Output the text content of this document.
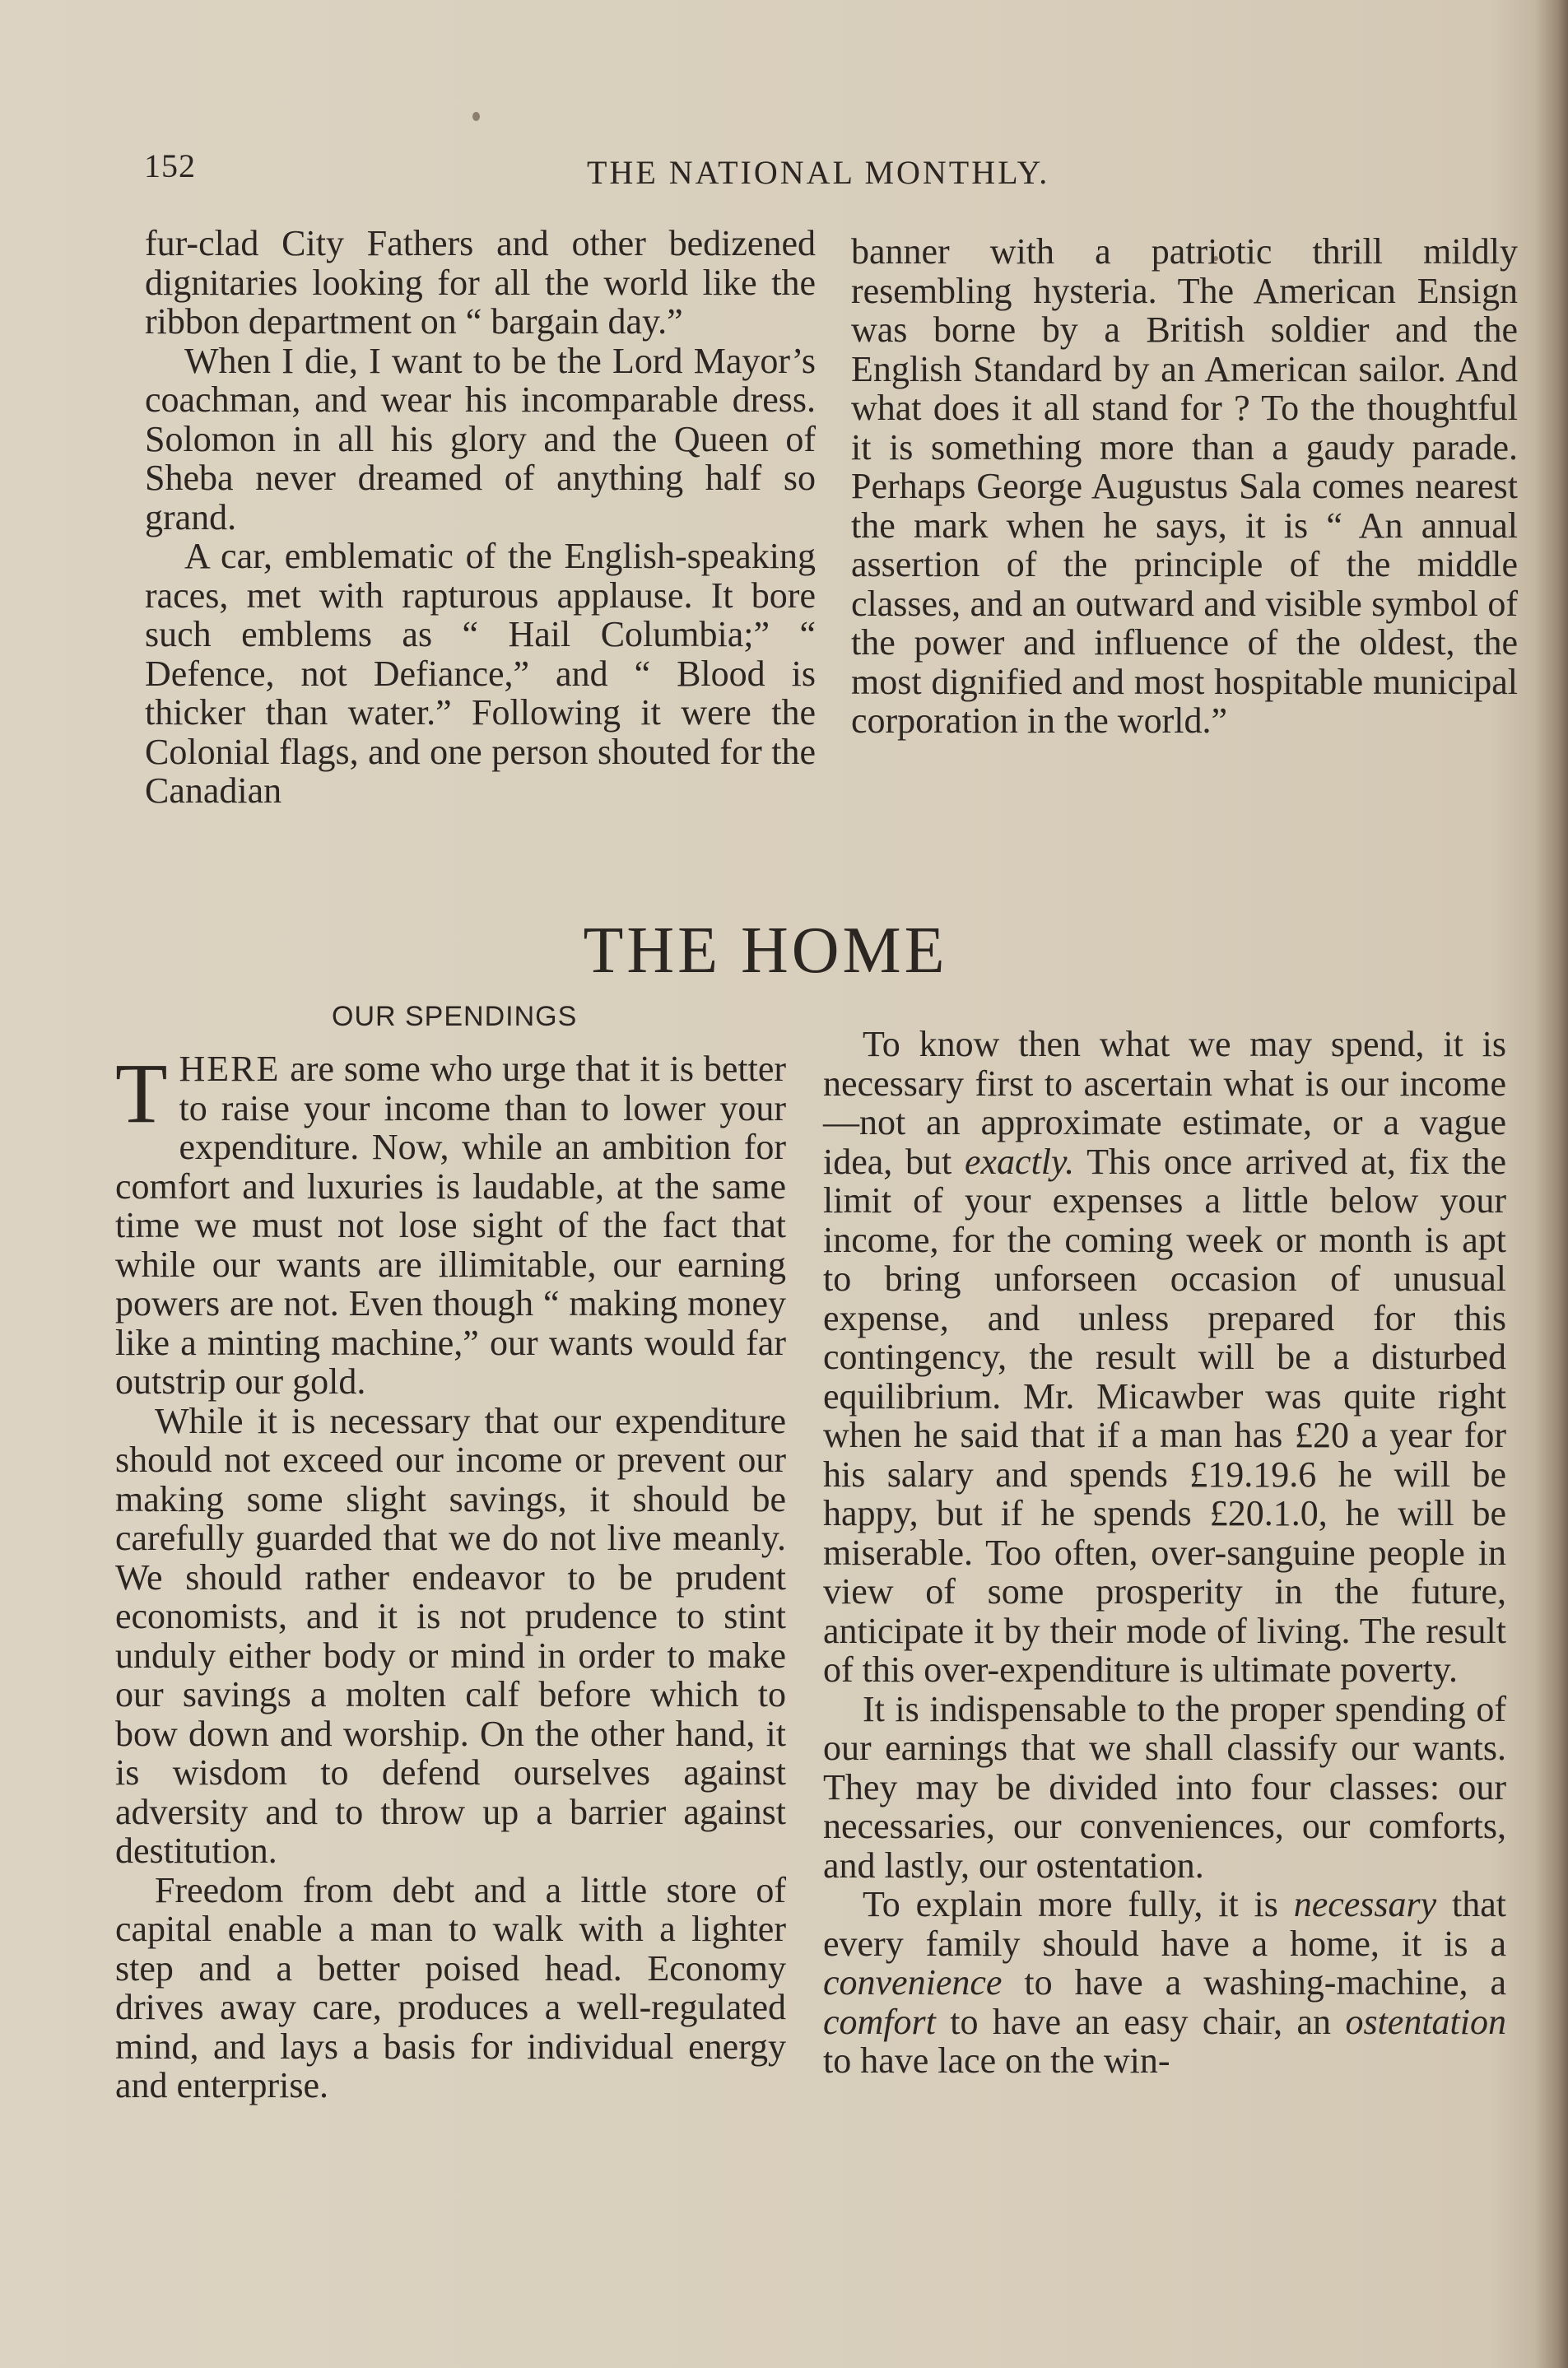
152	THE NATIONAL MONTHLY.

fur-clad City Fathers and other bedizened dignitaries looking for all the world like the ribbon department on “ bargain day.”

When I die, I want to be the Lord Mayor’s coachman, and wear his incomparable dress. Solomon in all his glory and the Queen of Sheba never dreamed of anything half so grand.

A car, emblematic of the English-speaking races, met with rapturous applause. It bore such emblems as “ Hail Columbia;” “ Defence, not Defiance,” and “ Blood is thicker than water.” Following it were the Colonial flags, and one person shouted for the Canadian

banner with a patriotic thrill mildly resembling hysteria. The American Ensign was borne by a British soldier and the English Standard by an American sailor. And what does it all stand for ? To the thoughtful it is something more than a gaudy parade. Perhaps George Augustus Sala comes nearest the mark when he says, it is “ An annual assertion of the principle of the middle classes, and an outward and visible symbol of the power and influence of the oldest, the most dignified and most hospitable municipal corporation in the world.”

THE HOME
OUR SPENDINGS

THERE are some who urge that it is better to raise your income than to lower your expenditure. Now, while an ambition for comfort and luxuries is laudable, at the same time we must not lose sight of the fact that while our wants are illimitable, our earning powers are not. Even though “ making money like a minting machine,” our wants would far outstrip our gold.

While it is necessary that our expenditure should not exceed our income or prevent our making some slight savings, it should be carefully guarded that we do not live meanly. We should rather endeavor to be prudent economists, and it is not prudence to stint unduly either body or mind in order to make our savings a molten calf before which to bow down and worship. On the other hand, it is wisdom to defend ourselves against adversity and to throw up a barrier against destitution.

Freedom from debt and a little store of capital enable a man to walk with a lighter step and a better poised head. Economy drives away care, produces a well-regulated mind, and lays a basis for individual energy and enterprise.

To know then what we may spend, it is necessary first to ascertain what is our income—not an approximate estimate, or a vague idea, but exactly. This once arrived at, fix the limit of your expenses a little below your income, for the coming week or month is apt to bring unforseen occasion of unusual expense, and unless prepared for this contingency, the result will be a disturbed equilibrium. Mr. Micawber was quite right when he said that if a man has £20 a year for his salary and spends £19.19.6 he will be happy, but if he spends £20.1.0, he will be miserable. Too often, over-sanguine people in view of some prosperity in the future, anticipate it by their mode of living. The result of this over-expenditure is ultimate poverty.

It is indispensable to the proper spending of our earnings that we shall classify our wants. They may be divided into four classes: our necessaries, our conveniences, our comforts, and lastly, our ostentation.

To explain more fully, it is necessary that every family should have a home, it is a convenience to have a washing-machine, a comfort to have an easy chair, an ostentation to have lace on the win-
